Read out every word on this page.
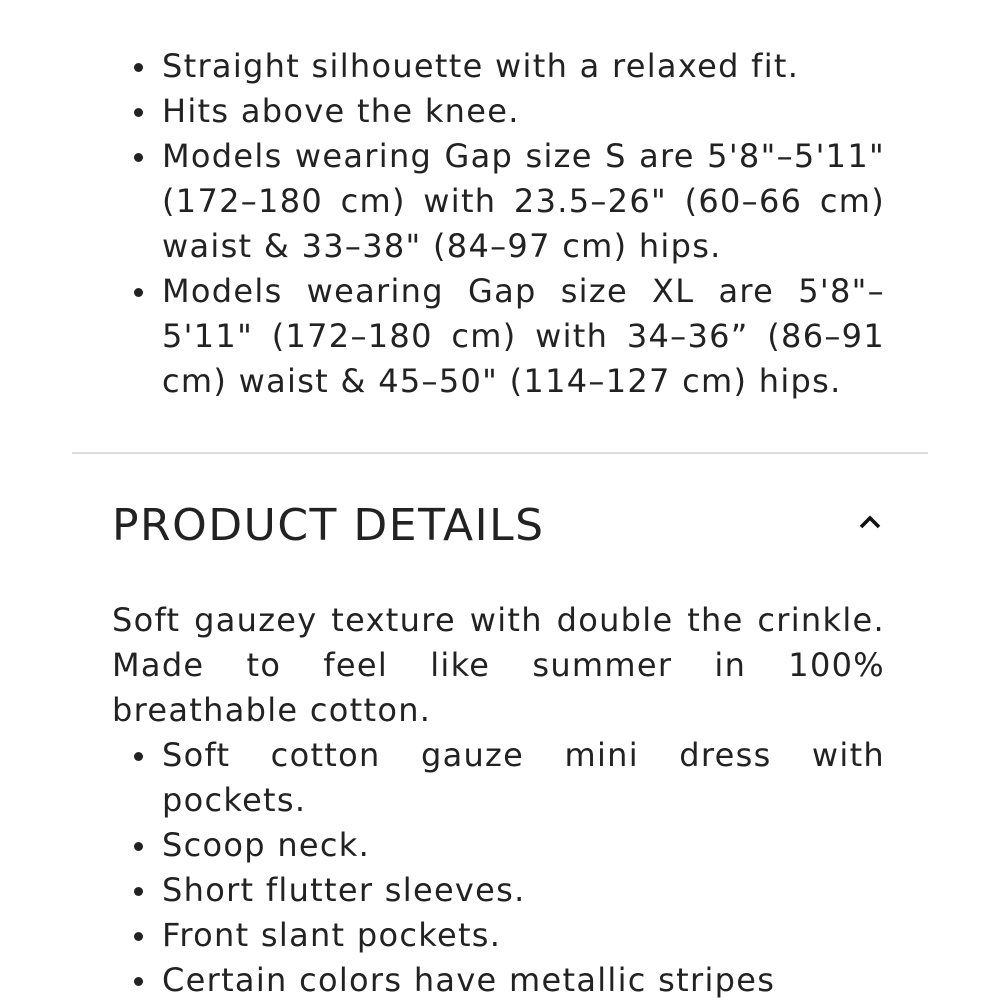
Straight silhouette with a relaxed fit.
Hits above the knee.
Models wearing Gap size S are 5'8"–5'11" (172–180 cm) with 23.5–26" (60–66 cm) waist & 33–38" (84–97 cm) hips.
Models wearing Gap size XL are 5'8"–5'11" (172–180 cm) with 34–36” (86–91 cm) waist & 45–50" (114–127 cm) hips.
PRODUCT DETAILS

Soft gauzey texture with double the crinkle. Made to feel like summer in 100% breathable cotton.

Soft cotton gauze mini dress with pockets.
Scoop neck.
Short flutter sleeves.
Front slant pockets.
Certain colors have metallic stripes
